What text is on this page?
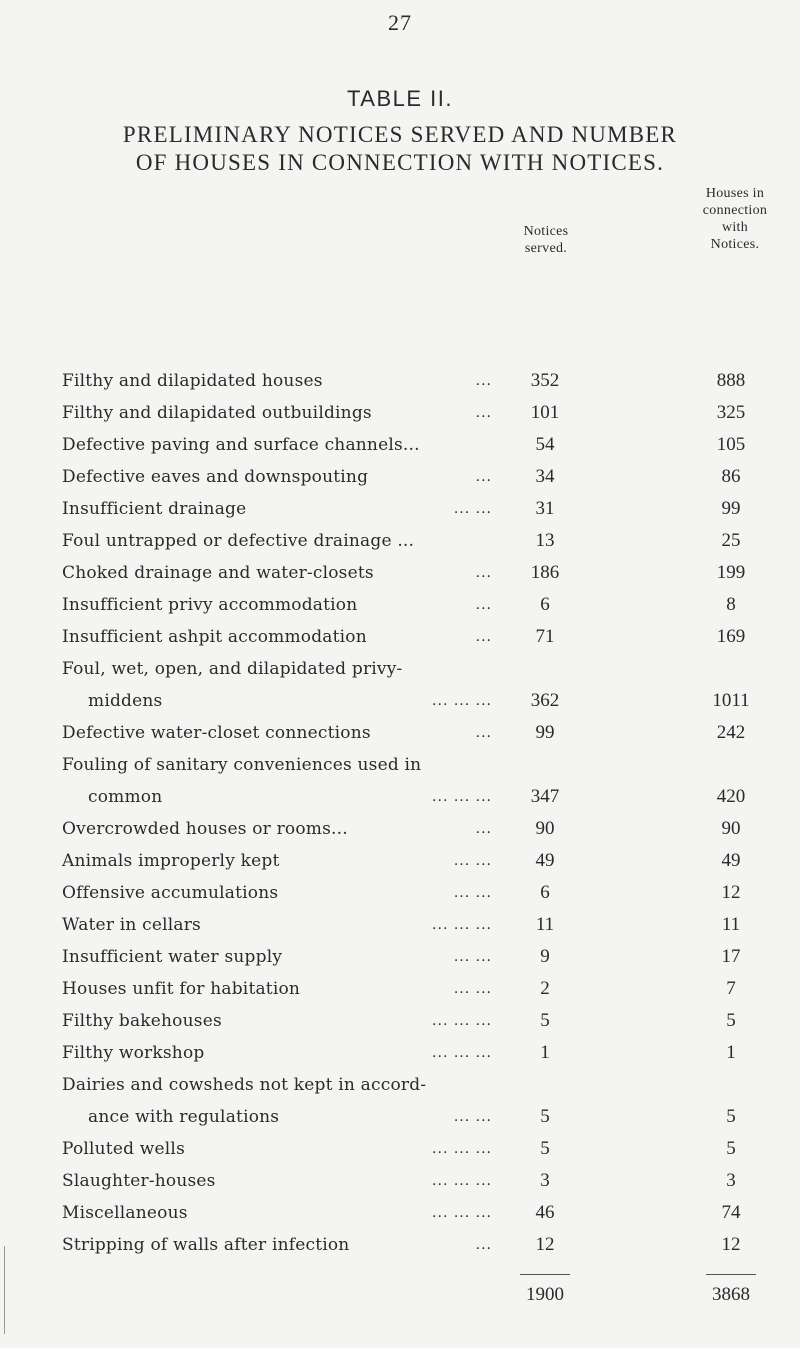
27
TABLE II.
PRELIMINARY NOTICES SERVED AND NUMBER
OF HOUSES IN CONNECTION WITH NOTICES.
Notices
served.
Houses in
connection
with
Notices.
Filthy and dilapidated houses	...	352	888
Filthy and dilapidated outbuildings	...	101	325
Defective paving and surface channels...	54	105
Defective eaves and downspouting	...	34	86
Insufficient drainage	... ...	31	99
Foul untrapped or defective drainage ...	13	25
Choked drainage and water-closets	...	186	199
Insufficient privy accommodation	...	6	8
Insufficient ashpit accommodation	...	71	169
Foul, wet, open, and dilapidated privy-
middens	... ... ...	362	1011
Defective water-closet connections	...	99	242
Fouling of sanitary conveniences used in
common	... ... ...	347	420
Overcrowded houses or rooms...	...	90	90
Animals improperly kept	... ...	49	49
Offensive accumulations	... ...	6	12
Water in cellars	... ... ...	11	11
Insufficient water supply	... ...	9	17
Houses unfit for habitation	... ...	2	7
Filthy bakehouses	... ... ...	5	5
Filthy workshop	... ... ...	1	1
Dairies and cowsheds not kept in accord-
ance with regulations	... ...	5	5
Polluted wells	... ... ...	5	5
Slaughter-houses	... ... ...	3	3
Miscellaneous	... ... ...	46	74
Stripping of walls after infection	...	12	12
1900	3868
